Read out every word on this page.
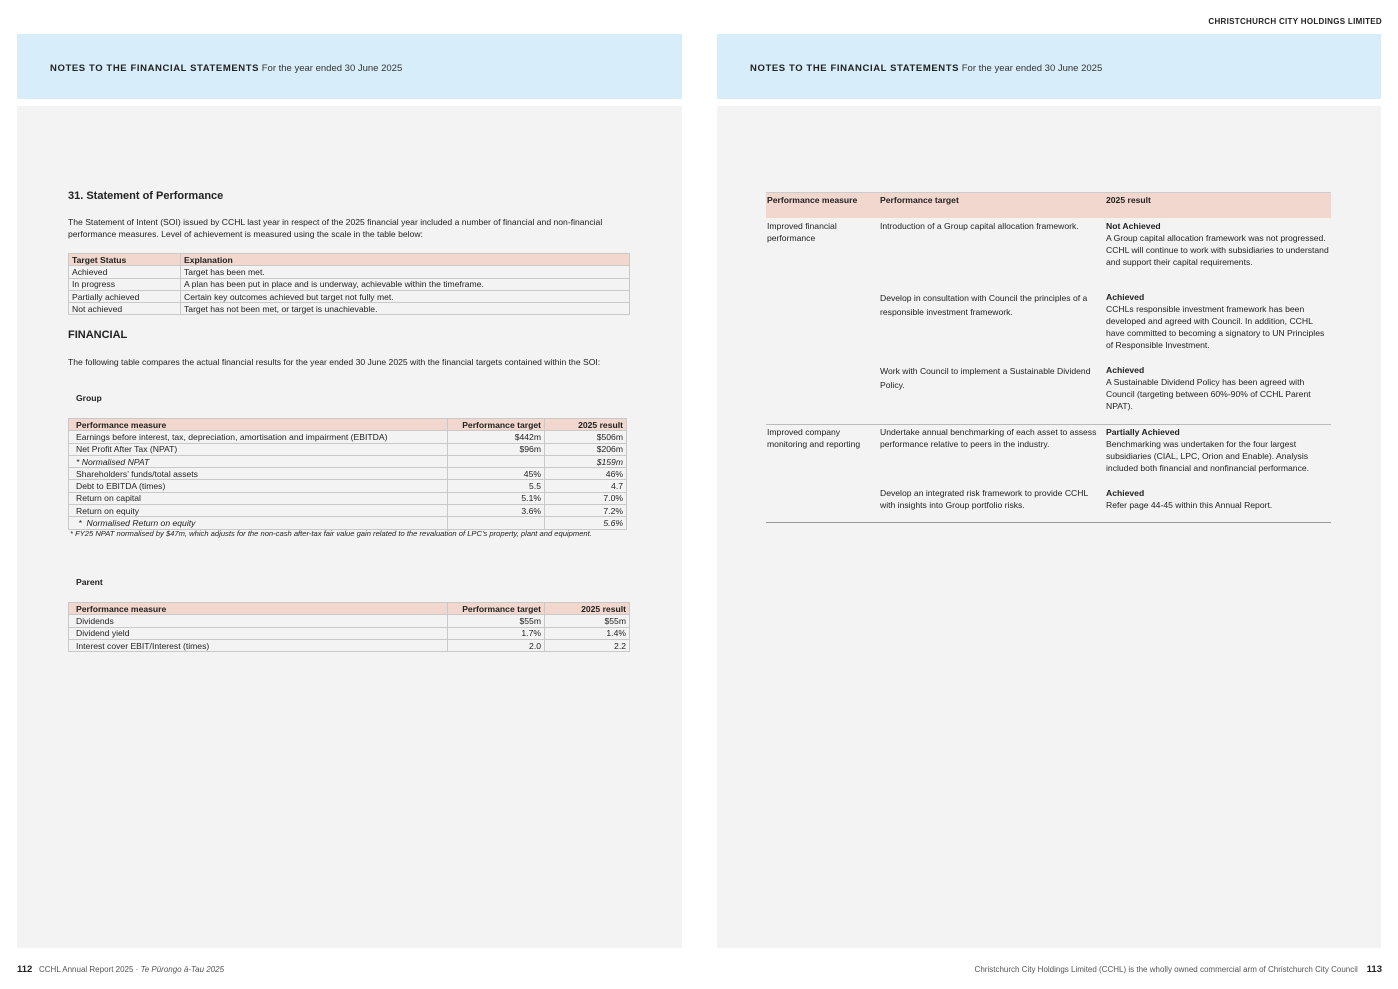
CHRISTCHURCH CITY HOLDINGS LIMITED
NOTES TO THE FINANCIAL STATEMENTS For the year ended 30 June 2025	NOTES TO THE FINANCIAL STATEMENTS For the year ended 30 June 2025
31. Statement of Performance

The Statement of Intent (SOI) issued by CCHL last year in respect of the 2025 financial year included a number of financial and non-financial performance measures. Level of achievement is measured using the scale in the table below:

Target Status	Explanation
Achieved	Target has been met.
In progress	A plan has been put in place and is underway, achievable within the timeframe.
Partially achieved	Certain key outcomes achieved but target not fully met.
Not achieved	Target has not been met, or target is unachievable.
FINANCIAL

The following table compares the actual financial results for the year ended 30 June 2025 with the financial targets contained within the SOI:

Group
Performance measure	Performance target	2025 result
Earnings before interest, tax, depreciation, amortisation and impairment (EBITDA)	$442m	$506m
Net Profit After Tax (NPAT)	$96m	$206m
* Normalised NPAT		$159m
Shareholders’ funds/total assets	45%	46%
Debt to EBITDA (times)	5.5	4.7
Return on capital	5.1%	7.0%
Return on equity	3.6%	7.2%
*  Normalised Return on equity		5.6%
* FY25 NPAT normalised by $47m, which adjusts for the non-cash after-tax fair value gain related to the revaluation of LPC’s property, plant and equipment.
Parent
Performance measure	Performance target	2025 result
Dividends	$55m	$55m
Dividend yield	1.7%	1.4%
Interest cover EBIT/Interest (times)	2.0	2.2
Performance measure	Performance target	2025 result
Improved financial performance	Introduction of a Group capital allocation framework.	Not Achieved
A Group capital allocation framework was not progressed. CCHL will continue to work with subsidiaries to understand and support their capital requirements.
	Develop in consultation with Council the principles of a responsible investment framework.	Achieved
CCHLs responsible investment framework has been developed and agreed with Council. In addition, CCHL have committed to becoming a signatory to UN Principles of Responsible Investment.
	Work with Council to implement a Sustainable Dividend Policy.	Achieved
A Sustainable Dividend Policy has been agreed with Council (targeting between 60%-90% of CCHL Parent NPAT).
Improved company monitoring and reporting	Undertake annual benchmarking of each asset to assess performance relative to peers in the industry.	Partially Achieved
Benchmarking was undertaken for the four largest subsidiaries (CIAL, LPC, Orion and Enable). Analysis included both financial and nonfinancial performance.
	Develop an integrated risk framework to provide CCHL with insights into Group portfolio risks.	Achieved
Refer page 44-45 within this Annual Report.
112 CCHL Annual Report 2025 · Te Pūrongo ā-Tau 2025	Christchurch City Holdings Limited (CCHL) is the wholly owned commercial arm of Christchurch City Council 113
